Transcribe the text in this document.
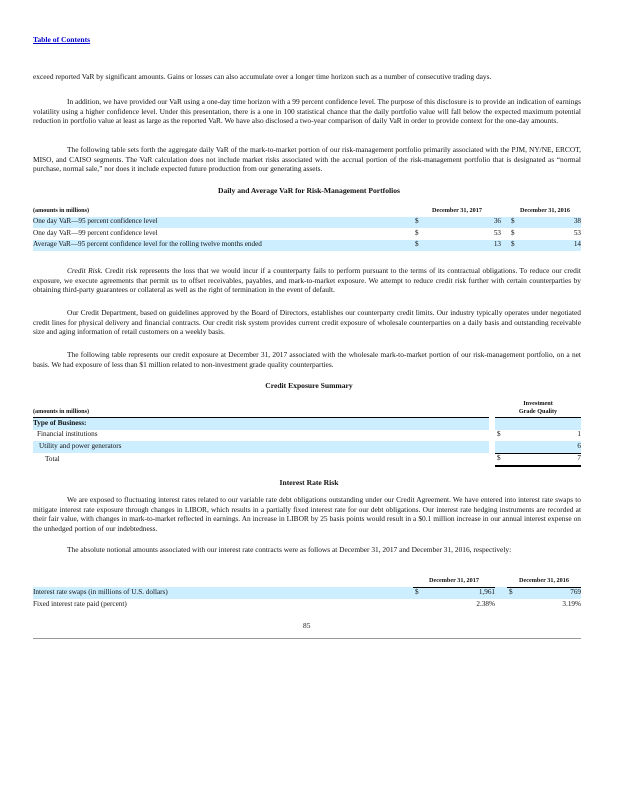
Table of Contents
exceed reported VaR by significant amounts. Gains or losses can also accumulate over a longer time horizon such as a number of consecutive trading days.
In addition, we have provided our VaR using a one-day time horizon with a 99 percent confidence level. The purpose of this disclosure is to provide an indication of earnings volatility using a higher confidence level. Under this presentation, there is a one in 100 statistical chance that the daily portfolio value will fall below the expected maximum potential reduction in portfolio value at least as large as the reported VaR. We have also disclosed a two-year comparison of daily VaR in order to provide context for the one-day amounts.
The following table sets forth the aggregate daily VaR of the mark-to-market portion of our risk-management portfolio primarily associated with the PJM, NY/NE, ERCOT, MISO, and CAISO segments. The VaR calculation does not include market risks associated with the accrual portion of the risk-management portfolio that is designated as “normal purchase, normal sale,” nor does it include expected future production from our generating assets.
Daily and Average VaR for Risk-Management Portfolios
(amounts in millions)	December 31, 2017			December 31, 2016	
One day VaR—95 percent confidence level	$	36		$	38
One day VaR—99 percent confidence level	$	53		$	53
Average VaR—95 percent confidence level for the rolling twelve months ended	$	13		$	14
Credit Risk. Credit risk represents the loss that we would incur if a counterparty fails to perform pursuant to the terms of its contractual obligations. To reduce our credit exposure, we execute agreements that permit us to offset receivables, payables, and mark-to-market exposure. We attempt to reduce credit risk further with certain counterparties by obtaining third-party guarantees or collateral as well as the right of termination in the event of default.
Our Credit Department, based on guidelines approved by the Board of Directors, establishes our counterparty credit limits. Our industry typically operates under negotiated credit lines for physical delivery and financial contracts. Our credit risk system provides current credit exposure of wholesale counterparties on a daily basis and outstanding receivable size and aging information of retail customers on a weekly basis.
The following table represents our credit exposure at December 31, 2017 associated with the wholesale mark-to-market portion of our risk-management portfolio, on a net basis. We had exposure of less than $1 million related to non-investment grade quality counterparties.
Credit Exposure Summary
(amounts in millions)		Investment
Grade Quality	
Type of Business:			
Financial institutions		$	1
Utility and power generators			6
Total		$	7
Interest Rate Risk
We are exposed to fluctuating interest rates related to our variable rate debt obligations outstanding under our Credit Agreement. We have entered into interest rate swaps to mitigate interest rate exposure through changes in LIBOR, which results in a partially fixed interest rate for our debt obligations. Our interest rate hedging instruments are recorded at their fair value, with changes in mark-to-market reflected in earnings. An increase in LIBOR by 25 basis points would result in a $0.1 million increase in our annual interest expense on the unhedged portion of our indebtedness.
The absolute notional amounts associated with our interest rate contracts were as follows at December 31, 2017 and December 31, 2016, respectively:
	December 31, 2017			December 31, 2016	
Interest rate swaps (in millions of U.S. dollars)	$	1,961		$	769
Fixed interest rate paid (percent)		2.38%			3.19%
85
